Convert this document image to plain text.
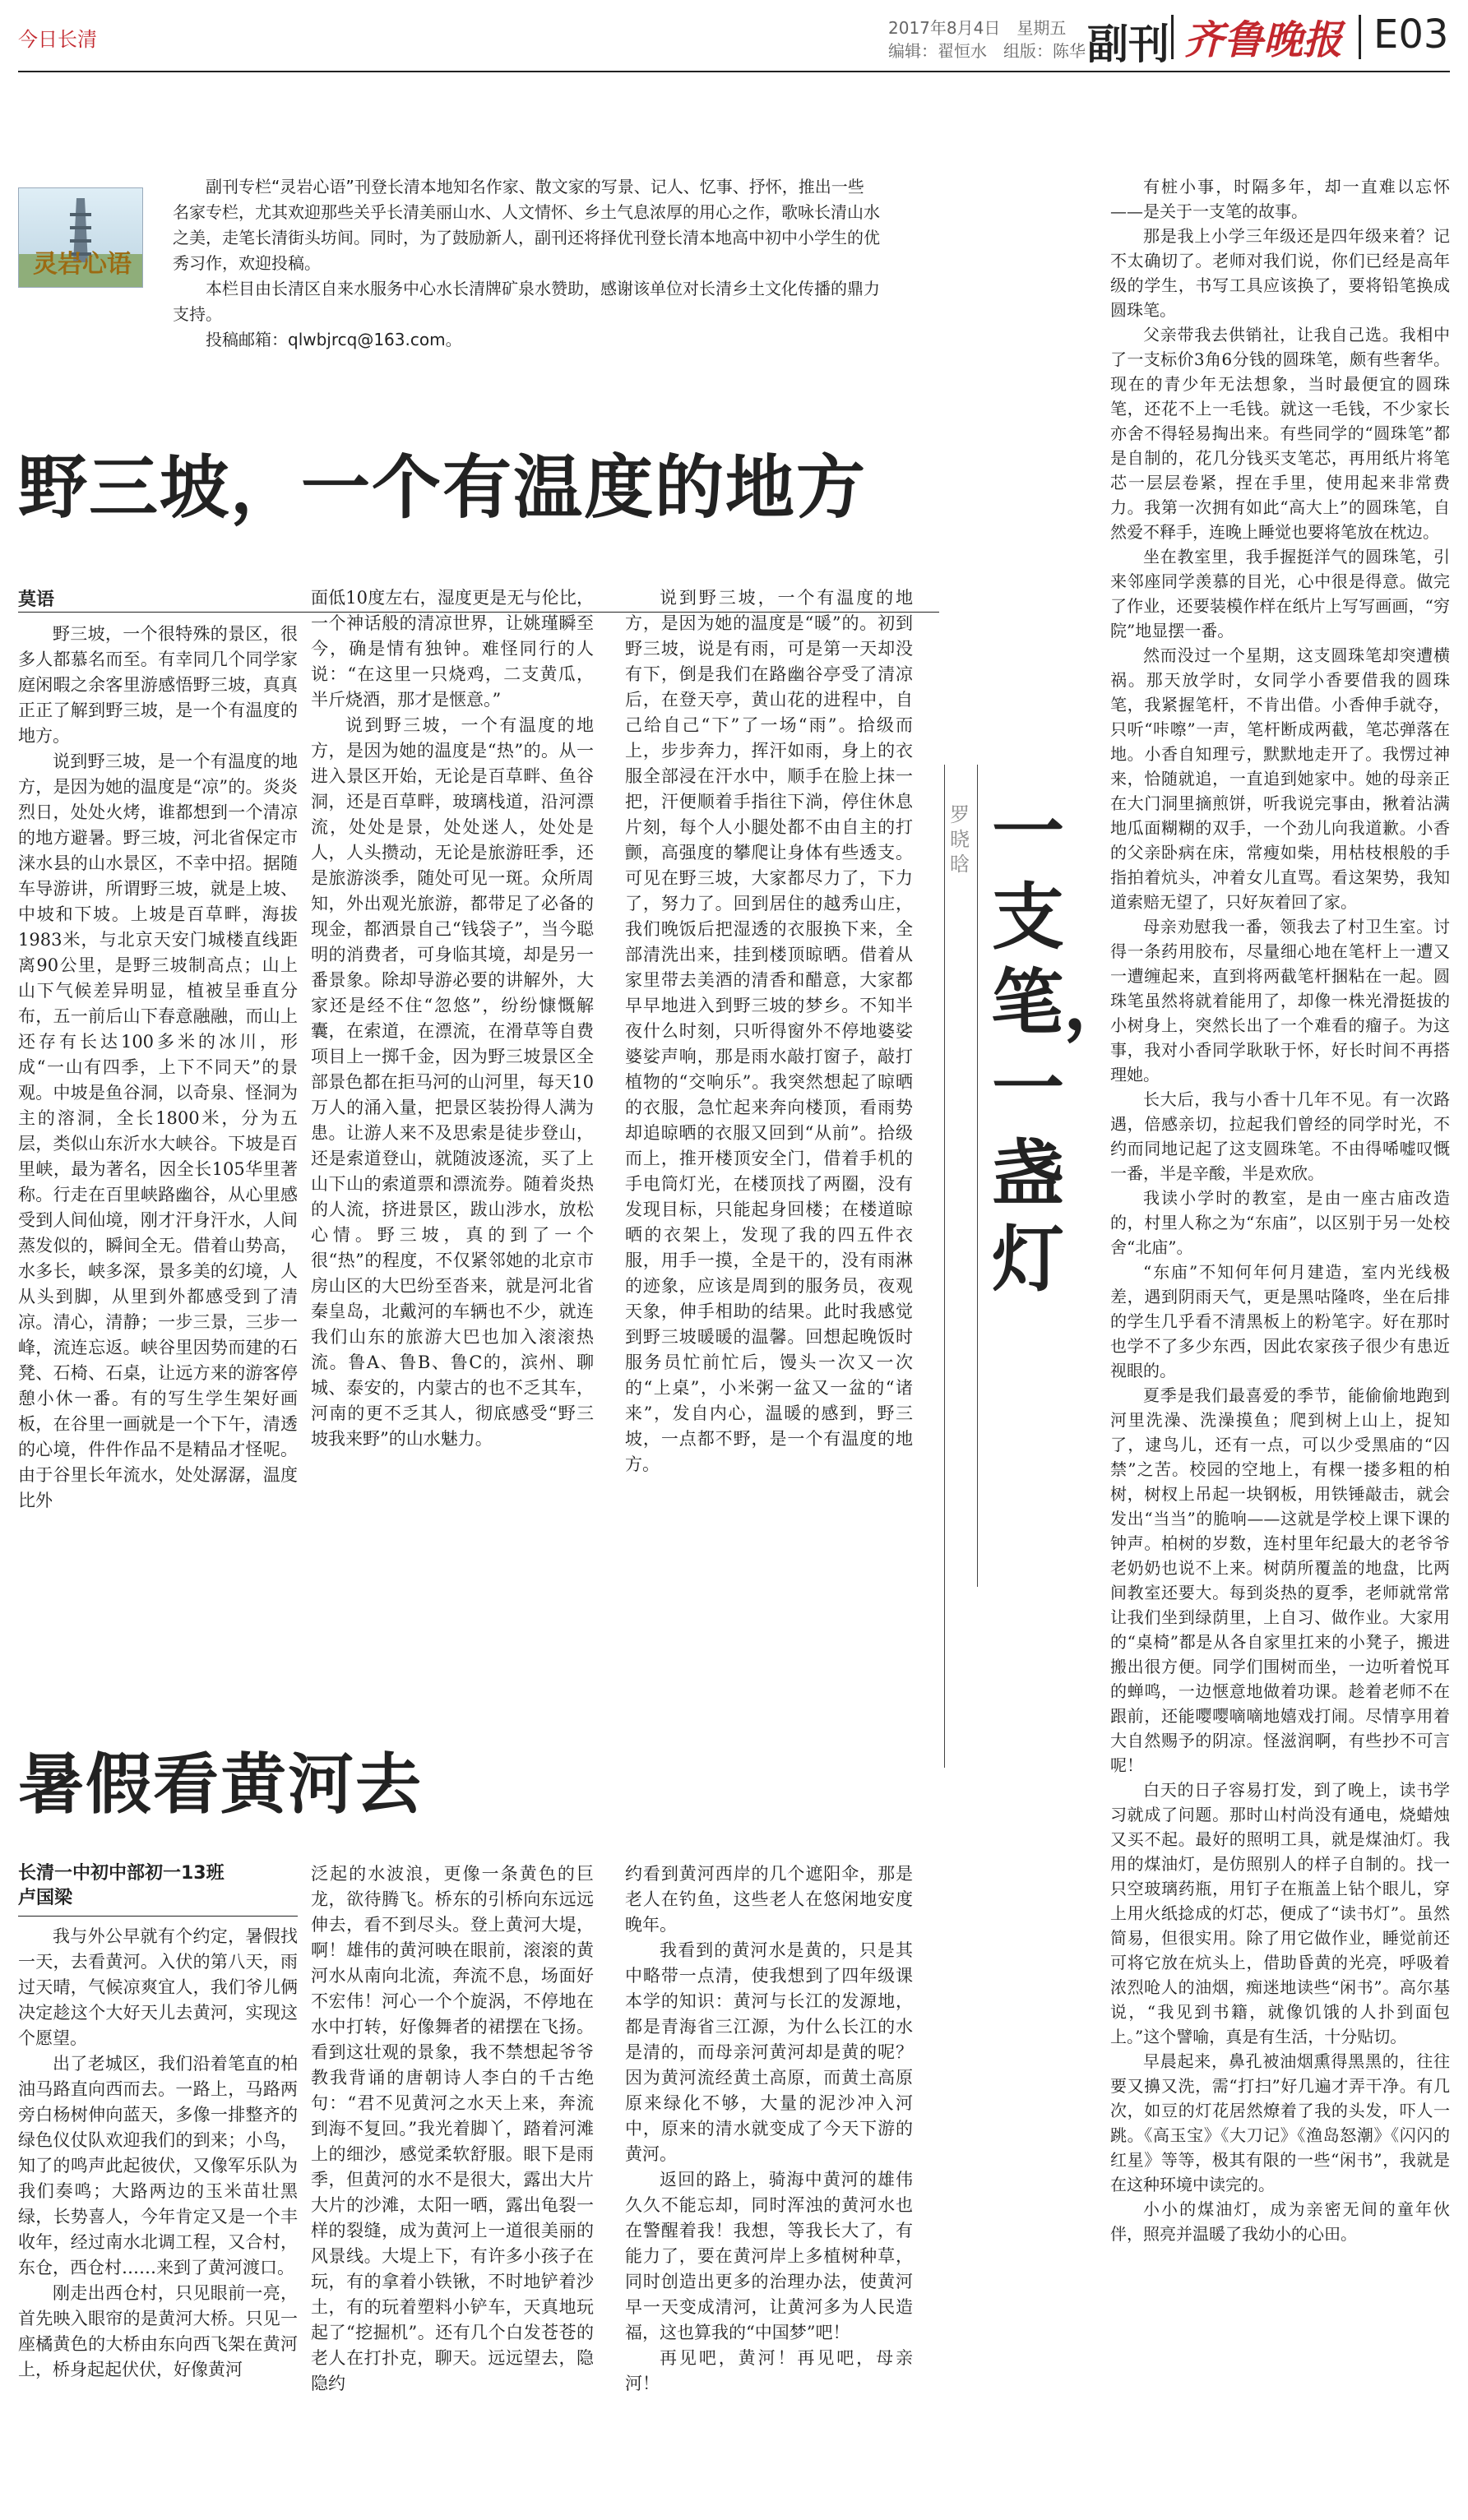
今日长清	2017年8月4日　星期五
编辑：翟恒水　组版：陈华 副刊 齐鲁晚报 E03
灵岩心语

副刊专栏“灵岩心语”刊登长清本地知名作家、散文家的写景、记人、忆事、抒怀，推出一些名家专栏，尤其欢迎那些关乎长清美丽山水、人文情怀、乡土气息浓厚的用心之作，歌咏长清山水之美，走笔长清街头坊间。同时，为了鼓励新人，副刊还将择优刊登长清本地高中初中小学生的优秀习作，欢迎投稿。

本栏目由长清区自来水服务中心水长清牌矿泉水赞助，感谢该单位对长清乡土文化传播的鼎力支持。

投稿邮箱：qlwbjrcq@163.com。

野三坡，一个有温度的地方
莫语

野三坡，一个很特殊的景区，很多人都慕名而至。有幸同几个同学家庭闲暇之余客里游感悟野三坡，真真正正了解到野三坡，是一个有温度的地方。

说到野三坡，是一个有温度的地方，是因为她的温度是“凉”的。炎炎烈日，处处火烤，谁都想到一个清凉的地方避暑。野三坡，河北省保定市涞水县的山水景区，不幸中招。据随车导游讲，所谓野三坡，就是上坡、中坡和下坡。上坡是百草畔，海拔1983米，与北京天安门城楼直线距离90公里，是野三坡制高点；山上山下气候差异明显，植被呈垂直分布，五一前后山下春意融融，而山上还存有长达100多米的冰川，形成“一山有四季，上下不同天”的景观。中坡是鱼谷洞，以奇泉、怪洞为主的溶洞，全长1800米，分为五层，类似山东沂水大峡谷。下坡是百里峡，最为著名，因全长105华里著称。行走在百里峡路幽谷，从心里感受到人间仙境，刚才汗身汗水，人间蒸发似的，瞬间全无。借着山势高，水多长，峡多深，景多美的幻境，人从头到脚，从里到外都感受到了清凉。清心，清静；一步三景，三步一峰，流连忘返。峡谷里因势而建的石凳、石椅、石桌，让远方来的游客停憩小休一番。有的写生学生架好画板，在谷里一画就是一个下午，清透的心境，件件作品不是精品才怪呢。由于谷里长年流水，处处潺潺，温度比外

面低10度左右，湿度更是无与伦比，一个神话般的清凉世界，让姚瑾瞬至今，确是情有独钟。难怪同行的人说：“在这里一只烧鸡，二支黄瓜，半斤烧酒，那才是惬意。”

说到野三坡，一个有温度的地方，是因为她的温度是“热”的。从一进入景区开始，无论是百草畔、鱼谷洞，还是百草畔，玻璃栈道，沿河漂流，处处是景，处处迷人，处处是人，人头攒动，无论是旅游旺季，还是旅游淡季，随处可见一斑。众所周知，外出观光旅游，都带足了必备的现金，都洒景自己“钱袋子”，当今聪明的消费者，可身临其境，却是另一番景象。除却导游必要的讲解外，大家还是经不住“忽悠”，纷纷慷慨解囊，在索道，在漂流，在滑草等自费项目上一掷千金，因为野三坡景区全部景色都在拒马河的山河里，每天10万人的涌入量，把景区装扮得人满为患。让游人来不及思索是徒步登山，还是索道登山，就随波逐流，买了上山下山的索道票和漂流券。随着炎热的人流，挤进景区，跋山涉水，放松心情。野三坡，真的到了一个很“热”的程度，不仅紧邻她的北京市房山区的大巴纷至沓来，就是河北省秦皇岛，北戴河的车辆也不少，就连我们山东的旅游大巴也加入滚滚热流。鲁A、鲁B、鲁C的，滨州、聊城、泰安的，内蒙古的也不乏其车，河南的更不乏其人，彻底感受“野三坡我来野”的山水魅力。

说到野三坡，一个有温度的地方，是因为她的温度是“暖”的。初到野三坡，说是有雨，可是第一天却没有下，倒是我们在路幽谷亭受了清凉后，在登天亭，黄山花的进程中，自己给自己“下”了一场“雨”。拾级而上，步步奔力，挥汗如雨，身上的衣服全部浸在汗水中，顺手在脸上抹一把，汗便顺着手指往下淌，停住休息片刻，每个人小腿处都不由自主的打颤，高强度的攀爬让身体有些透支。可见在野三坡，大家都尽力了，下力了，努力了。回到居住的越秀山庄，我们晚饭后把湿透的衣服换下来，全部清洗出来，挂到楼顶晾晒。借着从家里带去美酒的清香和醋意，大家都早早地进入到野三坡的梦乡。不知半夜什么时刻，只听得窗外不停地婆娑婆娑声响，那是雨水敲打窗子，敲打植物的“交响乐”。我突然想起了晾晒的衣服，急忙起来奔向楼顶，看雨势却追晾晒的衣服又回到“从前”。拾级而上，推开楼顶安全门，借着手机的手电筒灯光，在楼顶找了两圈，没有发现目标，只能起身回楼；在楼道晾晒的衣架上，发现了我的四五件衣服，用手一摸，全是干的，没有雨淋的迹象，应该是周到的服务员，夜观天象，伸手相助的结果。此时我感觉到野三坡暖暖的温馨。回想起晚饭时服务员忙前忙后，馒头一次又一次的“上桌”，小米粥一盆又一盆的“诸来”，发自内心，温暖的感到，野三坡，一点都不野，是一个有温度的地方。

罗晓晗 一支笔，一盏灯

有桩小事，时隔多年，却一直难以忘怀——是关于一支笔的故事。

那是我上小学三年级还是四年级来着？记不太确切了。老师对我们说，你们已经是高年级的学生，书写工具应该换了，要将铅笔换成圆珠笔。

父亲带我去供销社，让我自己选。我相中了一支标价3角6分钱的圆珠笔，颇有些奢华。现在的青少年无法想象，当时最便宜的圆珠笔，还花不上一毛钱。就这一毛钱，不少家长亦舍不得轻易掏出来。有些同学的“圆珠笔”都是自制的，花几分钱买支笔芯，再用纸片将笔芯一层层卷紧，捏在手里，使用起来非常费力。我第一次拥有如此“高大上”的圆珠笔，自然爱不释手，连晚上睡觉也要将笔放在枕边。

坐在教室里，我手握挺洋气的圆珠笔，引来邻座同学羡慕的目光，心中很是得意。做完了作业，还要装模作样在纸片上写写画画，“穷院”地显摆一番。

然而没过一个星期，这支圆珠笔却突遭横祸。那天放学时，女同学小香要借我的圆珠笔，我紧握笔杆，不肯出借。小香伸手就夺，只听“咔嚓”一声，笔杆断成两截，笔芯弹落在地。小香自知理亏，默默地走开了。我愣过神来，恰随就追，一直追到她家中。她的母亲正在大门洞里摘煎饼，听我说完事由，揪着沾满地瓜面糊糊的双手，一个劲儿向我道歉。小香的父亲卧病在床，常瘦如柴，用枯枝根般的手指拍着炕头，冲着女儿直骂。看这架势，我知道索赔无望了，只好灰着回了家。

母亲劝慰我一番，领我去了村卫生室。讨得一条药用胶布，尽量细心地在笔杆上一遭又一遭缠起来，直到将两截笔杆捆粘在一起。圆珠笔虽然将就着能用了，却像一株光滑挺拔的小树身上，突然长出了一个难看的瘤子。为这事，我对小香同学耿耿于怀，好长时间不再搭理她。

长大后，我与小香十几年不见。有一次路遇，倍感亲切，拉起我们曾经的同学时光，不约而同地记起了这支圆珠笔。不由得唏嘘叹慨一番，半是辛酸，半是欢欣。

我读小学时的教室，是由一座古庙改造的，村里人称之为“东庙”，以区别于另一处校舍“北庙”。

“东庙”不知何年何月建造，室内光线极差，遇到阴雨天气，更是黑咕隆咚，坐在后排的学生几乎看不清黑板上的粉笔字。好在那时也学不了多少东西，因此农家孩子很少有患近视眼的。

夏季是我们最喜爱的季节，能偷偷地跑到河里洗澡、洗澡摸鱼；爬到树上山上，捉知了，逮鸟儿，还有一点，可以少受黑庙的“囚禁”之苦。校园的空地上，有棵一搂多粗的柏树，树杈上吊起一块钢板，用铁锤敲击，就会发出“当当”的脆响——这就是学校上课下课的钟声。柏树的岁数，连村里年纪最大的老爷爷老奶奶也说不上来。树荫所覆盖的地盘，比两间教室还要大。每到炎热的夏季，老师就常常让我们坐到绿荫里，上自习、做作业。大家用的“桌椅”都是从各自家里扛来的小凳子，搬进搬出很方便。同学们围树而坐，一边听着悦耳的蝉鸣，一边惬意地做着功课。趁着老师不在跟前，还能嘤嘤嘀嘀地嬉戏打闹。尽情享用着大自然赐予的阴凉。怪滋润啊，有些抄不可言呢！

白天的日子容易打发，到了晚上，读书学习就成了问题。那时山村尚没有通电，烧蜡烛又买不起。最好的照明工具，就是煤油灯。我用的煤油灯，是仿照别人的样子自制的。找一只空玻璃药瓶，用钉子在瓶盖上钻个眼儿，穿上用火纸捻成的灯芯，便成了“读书灯”。虽然简易，但很实用。除了用它做作业，睡觉前还可将它放在炕头上，借助昏黄的光亮，呼吸着浓烈呛人的油烟，痴迷地读些“闲书”。高尔基说，“我见到书籍，就像饥饿的人扑到面包上。”这个譬喻，真是有生活，十分贴切。

早晨起来，鼻孔被油烟熏得黑黑的，往往要又擤又洗，需“打扫”好几遍才弄干净。有几次，如豆的灯花居然燎着了我的头发，吓人一跳。《高玉宝》《大刀记》《渔岛怒潮》《闪闪的红星》等等，极其有限的一些“闲书”，我就是在这种环境中读完的。

小小的煤油灯，成为亲密无间的童年伙伴，照亮并温暖了我幼小的心田。

暑假看黄河去
长清一中初中部初一13班
卢国梁

我与外公早就有个约定，暑假找一天，去看黄河。入伏的第八天，雨过天晴，气候凉爽宜人，我们爷儿俩决定趁这个大好天儿去黄河，实现这个愿望。

出了老城区，我们沿着笔直的柏油马路直向西而去。一路上，马路两旁白杨树伸向蓝天，多像一排整齐的绿色仪仗队欢迎我们的到来；小鸟，知了的鸣声此起彼伏，又像军乐队为我们奏鸣；大路两边的玉米苗壮黑绿，长势喜人，今年肯定又是一个丰收年，经过南水北调工程，又合村，东仓，西仓村……来到了黄河渡口。

刚走出西仓村，只见眼前一亮，首先映入眼帘的是黄河大桥。只见一座橘黄色的大桥由东向西飞架在黄河上，桥身起起伏伏，好像黄河

泛起的水波浪，更像一条黄色的巨龙，欲待腾飞。桥东的引桥向东远远伸去，看不到尽头。登上黄河大堤，啊！雄伟的黄河映在眼前，滚滚的黄河水从南向北流，奔流不息，场面好不宏伟！河心一个个旋涡，不停地在水中打转，好像舞者的裙摆在飞扬。看到这壮观的景象，我不禁想起爷爷教我背诵的唐朝诗人李白的千古绝句：“君不见黄河之水天上来，奔流到海不复回。”我光着脚丫，踏着河滩上的细沙，感觉柔软舒服。眼下是雨季，但黄河的水不是很大，露出大片大片的沙滩，太阳一晒，露出龟裂一样的裂缝，成为黄河上一道很美丽的风景线。大堤上下，有许多小孩子在玩，有的拿着小铁锹，不时地铲着沙土，有的玩着塑料小铲车，天真地玩起了“挖掘机”。还有几个白发苍苍的老人在打扑克，聊天。远远望去，隐隐约

约看到黄河西岸的几个遮阳伞，那是老人在钓鱼，这些老人在悠闲地安度晚年。

我看到的黄河水是黄的，只是其中略带一点清，使我想到了四年级课本学的知识：黄河与长江的发源地，都是青海省三江源，为什么长江的水是清的，而母亲河黄河却是黄的呢？因为黄河流经黄土高原，而黄土高原原来绿化不够，大量的泥沙冲入河中，原来的清水就变成了今天下游的黄河。

返回的路上，骑海中黄河的雄伟久久不能忘却，同时浑浊的黄河水也在警醒着我！我想，等我长大了，有能力了，要在黄河岸上多植树种草，同时创造出更多的治理办法，使黄河早一天变成清河，让黄河多为人民造福，这也算我的“中国梦”吧！

再见吧，黄河！再见吧，母亲河！
